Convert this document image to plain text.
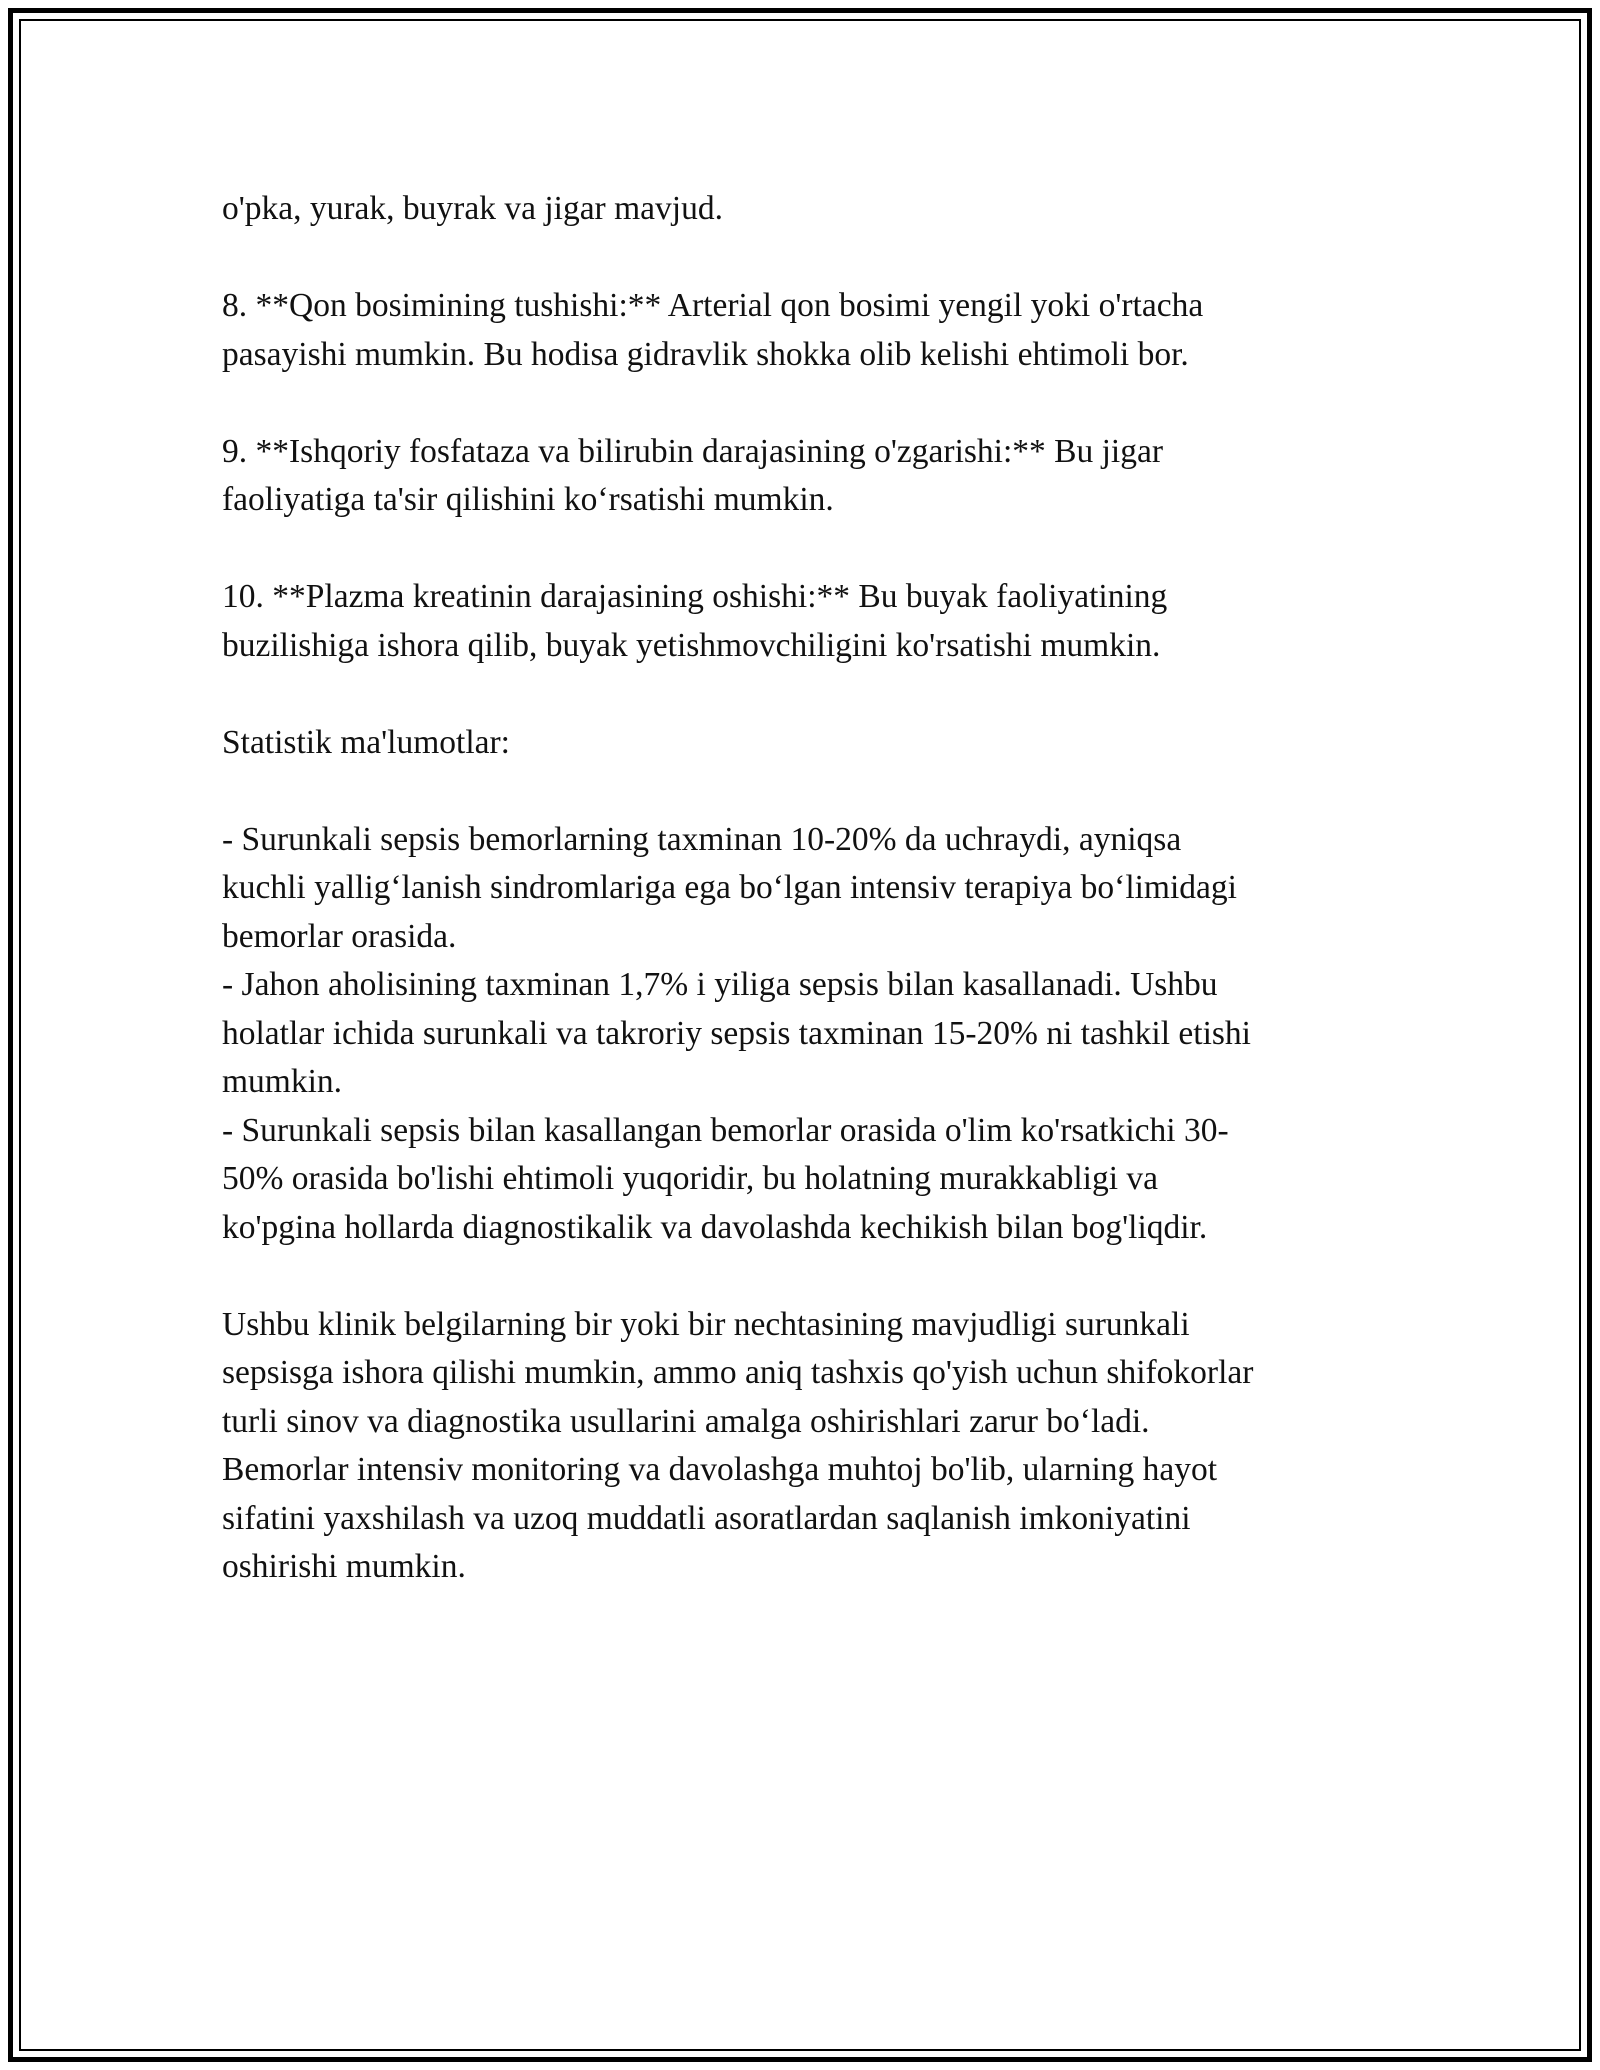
o'pka, yurak, buyrak va jigar mavjud.

8. **Qon bosimining tushishi:** Arterial qon bosimi yengil yoki o'rtacha
pasayishi mumkin. Bu hodisa gidravlik shokka olib kelishi ehtimoli bor.

9. **Ishqoriy fosfataza va bilirubin darajasining o'zgarishi:** Bu jigar
faoliyatiga ta'sir qilishini ko‘rsatishi mumkin.

10. **Plazma kreatinin darajasining oshishi:** Bu buyak faoliyatining
buzilishiga ishora qilib, buyak yetishmovchiligini ko'rsatishi mumkin.

Statistik ma'lumotlar:

- Surunkali sepsis bemorlarning taxminan 10-20% da uchraydi, ayniqsa
kuchli yallig‘lanish sindromlariga ega bo‘lgan intensiv terapiya bo‘limidagi
bemorlar orasida.
- Jahon aholisining taxminan 1,7% i yiliga sepsis bilan kasallanadi. Ushbu
holatlar ichida surunkali va takroriy sepsis taxminan 15-20% ni tashkil etishi
mumkin.
- Surunkali sepsis bilan kasallangan bemorlar orasida o'lim ko'rsatkichi 30-
50% orasida bo'lishi ehtimoli yuqoridir, bu holatning murakkabligi va
ko'pgina hollarda diagnostikalik va davolashda kechikish bilan bog'liqdir.

Ushbu klinik belgilarning bir yoki bir nechtasining mavjudligi surunkali
sepsisga ishora qilishi mumkin, ammo aniq tashxis qo'yish uchun shifokorlar
turli sinov va diagnostika usullarini amalga oshirishlari zarur bo‘ladi.
Bemorlar intensiv monitoring va davolashga muhtoj bo'lib, ularning hayot
sifatini yaxshilash va uzoq muddatli asoratlardan saqlanish imkoniyatini
oshirishi mumkin.
